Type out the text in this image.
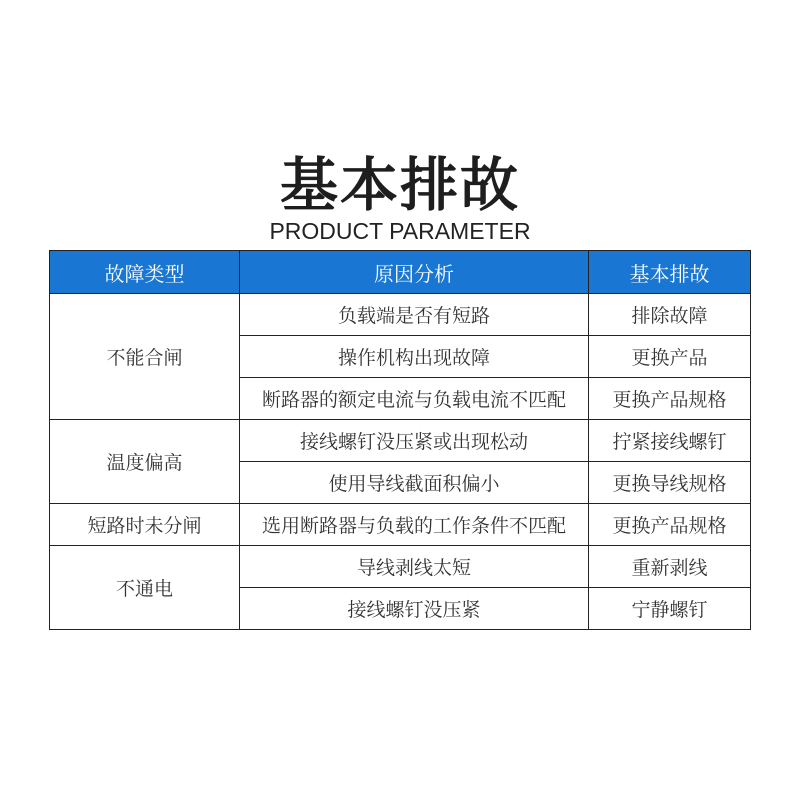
基本排故
PRODUCT PARAMETER
故障类型	原因分析	基本排故
不能合闸	负载端是否有短路	排除故障
	操作机构出现故障	更换产品
	断路器的额定电流与负载电流不匹配	更换产品规格
温度偏高	接线螺钉没压紧或出现松动	拧紧接线螺钉
	使用导线截面积偏小	更换导线规格
短路时未分闸	选用断路器与负载的工作条件不匹配	更换产品规格
不通电	导线剥线太短	重新剥线
	接线螺钉没压紧	宁静螺钉
